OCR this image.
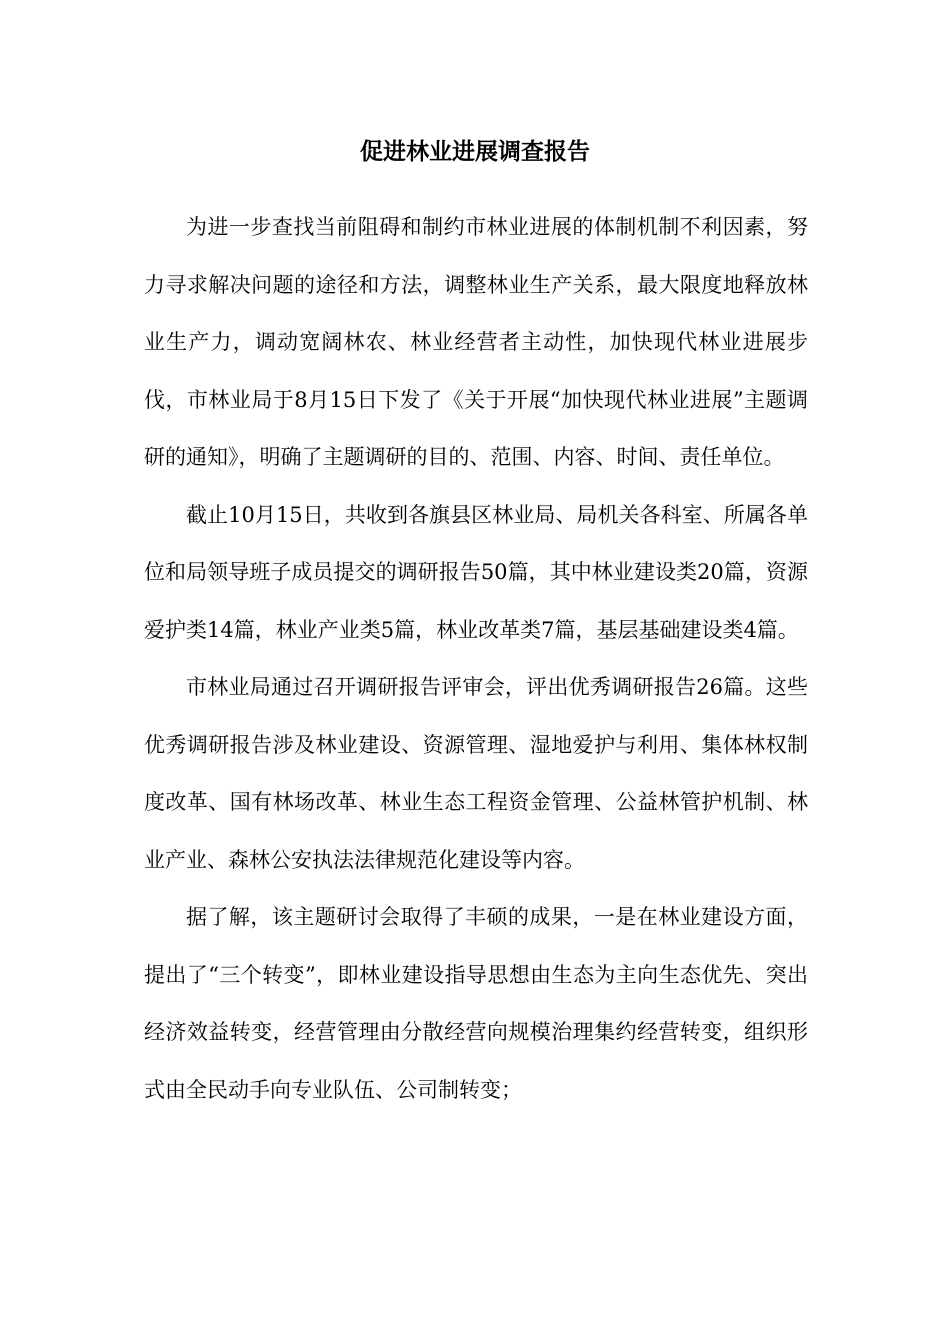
促进林业进展调查报告

为进一步查找当前阻碍和制约市林业进展的体制机制不利因素，努力寻求解决问题的途径和方法，调整林业生产关系，最大限度地释放林业生产力，调动宽阔林农、林业经营者主动性，加快现代林业进展步伐，市林业局于8月15日下发了《关于开展“加快现代林业进展”主题调研的通知》，明确了主题调研的目的、范围、内容、时间、责任单位。

截止10月15日，共收到各旗县区林业局、局机关各科室、所属各单位和局领导班子成员提交的调研报告50篇，其中林业建设类20篇，资源爱护类14篇，林业产业类5篇，林业改革类7篇，基层基础建设类4篇。

市林业局通过召开调研报告评审会，评出优秀调研报告26篇。这些优秀调研报告涉及林业建设、资源管理、湿地爱护与利用、集体林权制度改革、国有林场改革、林业生态工程资金管理、公益林管护机制、林业产业、森林公安执法法律规范化建设等内容。

据了解，该主题研讨会取得了丰硕的成果，一是在林业建设方面，提出了“三个转变”，即林业建设指导思想由生态为主向生态优先、突出经济效益转变，经营管理由分散经营向规模治理集约经营转变，组织形式由全民动手向专业队伍、公司制转变；
